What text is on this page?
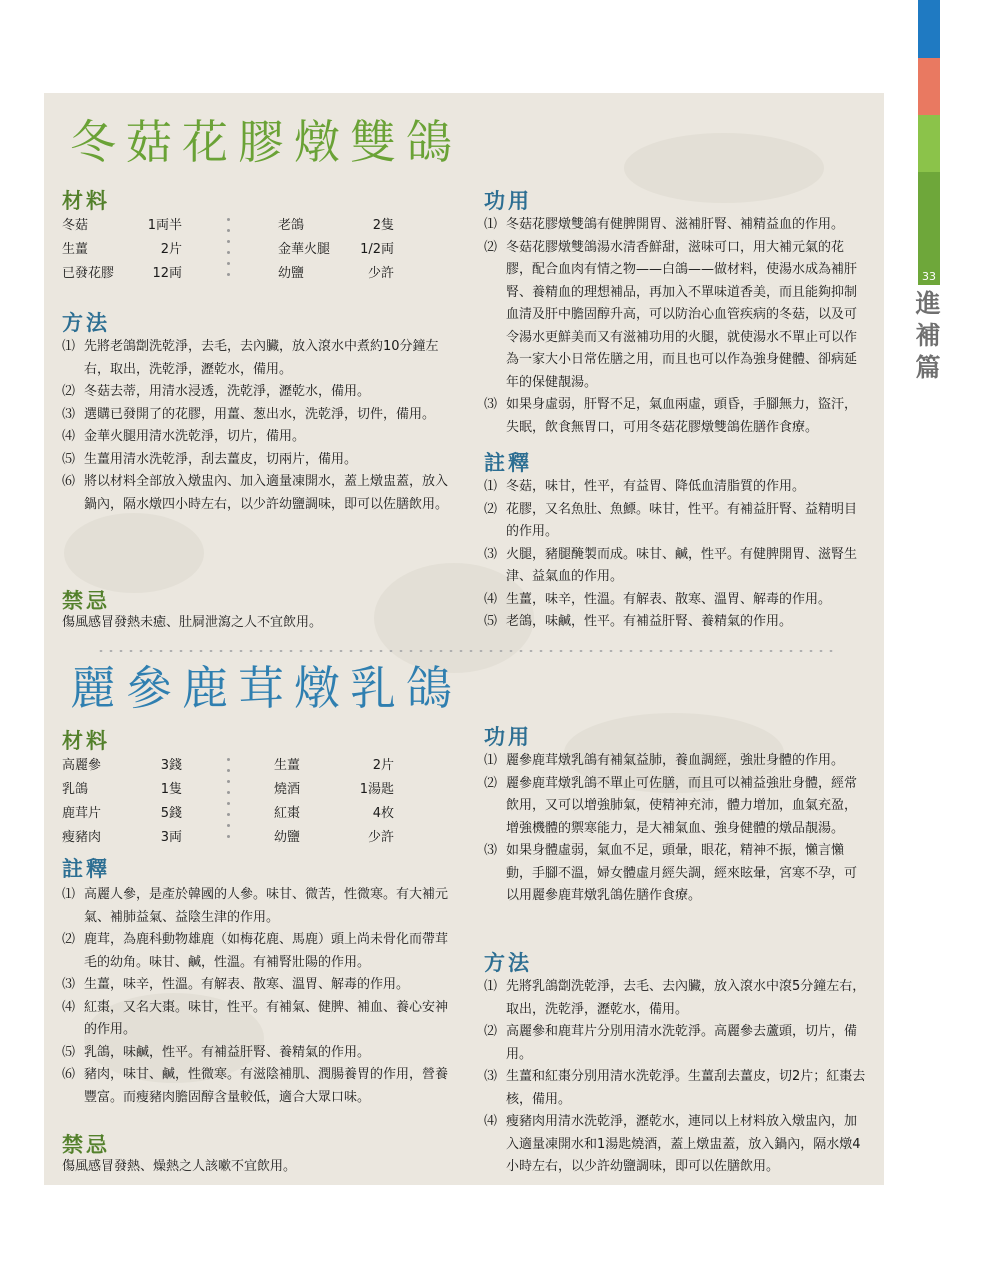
33
進
補
篇
冬菇花膠燉雙鴿
材料
冬菇	1両半
生薑	2片
已發花膠	12両
老鴿	2隻
金華火腿 1/2両
幼鹽	少許
方法
⑴ 先將老鴿劏洗乾淨，去毛，去內臟，放入滾水中煮約10分鐘左右，取出，洗乾淨，瀝乾水，備用。
⑵ 冬菇去蒂，用清水浸透，洗乾淨，瀝乾水，備用。
⑶ 選購已發開了的花膠，用薑、葱出水，洗乾淨，切件，備用。
⑷ 金華火腿用清水洗乾淨，切片，備用。
⑸ 生薑用清水洗乾淨，刮去薑皮，切兩片，備用。
⑹ 將以材料全部放入燉盅內、加入適量凍開水，蓋上燉盅蓋，放入鍋內，隔水燉四小時左右，以少許幼鹽調味，即可以佐膳飲用。
禁忌
傷風感冒發熱未癒、肚屙泄瀉之人不宜飲用。
功用
⑴ 冬菇花膠燉雙鴿有健脾開胃、滋補肝腎、補精益血的作用。
⑵ 冬菇花膠燉雙鴿湯水清香鮮甜，滋味可口，用大補元氣的花膠，配合血肉有情之物——白鴿——做材料，使湯水成為補肝腎、養精血的理想補品，再加入不單味道香美，而且能夠抑制血清及肝中膽固醇升高，可以防治心血管疾病的冬菇，以及可令湯水更鮮美而又有滋補功用的火腿，就使湯水不單止可以作為一家大小日常佐膳之用，而且也可以作為強身健體、卻病延年的保健靚湯。
⑶ 如果身虛弱，肝腎不足，氣血兩虛，頭昏，手腳無力，盜汗，失眠，飲食無胃口，可用冬菇花膠燉雙鴿佐膳作食療。
註釋
⑴ 冬菇，味甘，性平，有益胃、降低血清脂質的作用。
⑵ 花膠，又名魚肚、魚鰾。味甘，性平。有補益肝腎、益精明目的作用。
⑶ 火腿，豬腿醃製而成。味甘、鹹，性平。有健脾開胃、滋腎生津、益氣血的作用。
⑷ 生薑，味辛，性溫。有解表、散寒、溫胃、解毒的作用。
⑸ 老鴿，味鹹，性平。有補益肝腎、養精氣的作用。
麗參鹿茸燉乳鴿
材料
高麗參	3錢
乳鴿	1隻
鹿茸片	5錢
瘦豬肉	3両
生薑	2片
燒酒	1湯匙
紅棗	4枚
幼鹽	少許
註釋
⑴ 高麗人參，是產於韓國的人參。味甘、微苦，性微寒。有大補元氣、補肺益氣、益陰生津的作用。
⑵ 鹿茸，為鹿科動物雄鹿（如梅花鹿、馬鹿）頭上尚未骨化而帶茸毛的幼角。味甘、鹹，性溫。有補腎壯陽的作用。
⑶ 生薑，味辛，性溫。有解表、散寒、溫胃、解毒的作用。
⑷ 紅棗，又名大棗。味甘，性平。有補氣、健脾、補血、養心安神的作用。
⑸ 乳鴿，味鹹，性平。有補益肝腎、養精氣的作用。
⑹ 豬肉，味甘、鹹，性微寒。有滋陰補肌、潤腸養胃的作用，營養豐富。而瘦豬肉膽固醇含量較低，適合大眾口味。
禁忌
傷風感冒發熱、燥熱之人該嗽不宜飲用。
功用
⑴ 麗參鹿茸燉乳鴿有補氣益肺，養血調經，強壯身體的作用。
⑵ 麗參鹿茸燉乳鴿不單止可佐膳，而且可以補益強壯身體，經常飲用，又可以增強肺氣，使精神充沛，體力增加，血氣充盈，增強機體的禦寒能力，是大補氣血、強身健體的燉品靚湯。
⑶ 如果身體虛弱，氣血不足，頭暈，眼花，精神不振，懶言懶動，手腳不溫，婦女體虛月經失調，經來眩暈，宮寒不孕，可以用麗參鹿茸燉乳鴿佐膳作食療。
方法
⑴ 先將乳鴿劏洗乾淨，去毛、去內臟，放入滾水中滾5分鐘左右，取出，洗乾淨，瀝乾水，備用。
⑵ 高麗參和鹿茸片分別用清水洗乾淨。高麗參去蘆頭，切片，備用。
⑶ 生薑和紅棗分別用清水洗乾淨。生薑刮去薑皮，切2片；紅棗去核，備用。
⑷ 瘦豬肉用清水洗乾淨，瀝乾水，連同以上材料放入燉盅內，加入適量凍開水和1湯匙燒酒，蓋上燉盅蓋，放入鍋內，隔水燉4小時左右，以少許幼鹽調味，即可以佐膳飲用。
